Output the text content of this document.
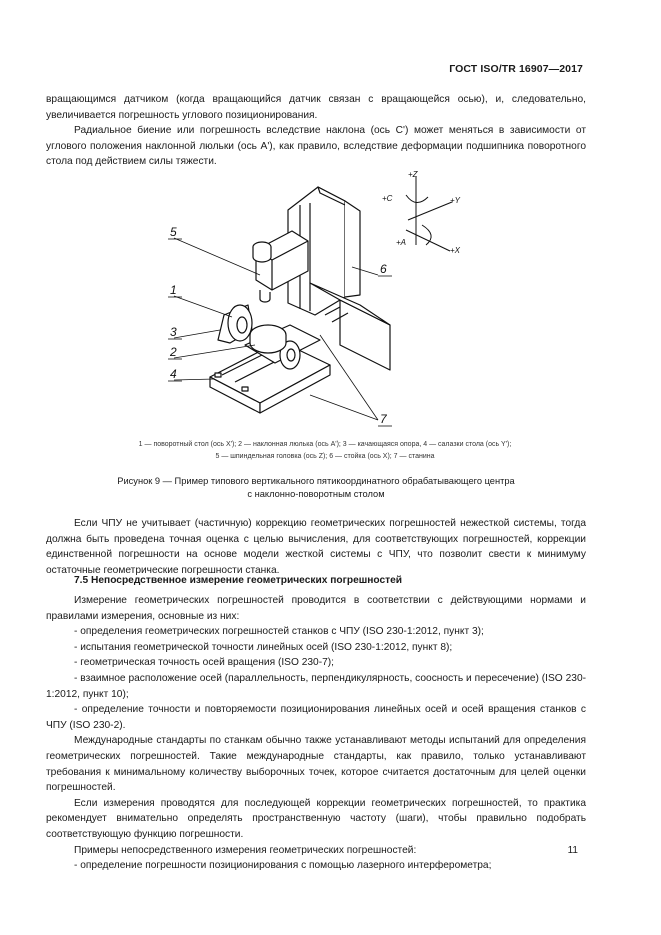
ГОСТ ISO/TR 16907—2017

вращающимся датчиком (когда вращающийся датчик связан с вращающейся осью), и, следовательно, увеличивается погрешность углового позиционирования.

Радиальное биение или погрешность вследствие наклона (ось C') может меняться в зависимости от углового положения наклонной люльки (ось A'), как правило, вследствие деформации подшипника поворотного стола под действием силы тяжести.

+Z
+C	+Y
+A
+X
5
1
3
2
4
6
7
1 — поворотный стол (ось X'); 2 — наклонная люлька (ось A'); 3 — качающаяся опора, 4 — салазки стола (ось Y');
5 — шпиндельная головка (ось Z); 6 — стойка (ось X); 7 — станина
Рисунок 9 — Пример типового вертикального пятикоординатного обрабатывающего центра
с наклонно-поворотным столом

Если ЧПУ не учитывает (частичную) коррекцию геометрических погрешностей нежесткой системы, тогда должна быть проведена точная оценка с целью вычисления, для соответствующих погрешностей, коррекции единственной погрешности на основе модели жесткой системы с ЧПУ, что позволит свести к минимуму остаточные геометрические погрешности станка.

7.5 Непосредственное измерение геометрических погрешностей

Измерение геометрических погрешностей проводится в соответствии с действующими нормами и правилами измерения, основные из них:

- определения геометрических погрешностей станков с ЧПУ (ISO 230-1:2012, пункт 3);

- испытания геометрической точности линейных осей (ISO 230-1:2012, пункт 8);

- геометрическая точность осей вращения (ISO 230-7);

- взаимное расположение осей (параллельность, перпендикулярность, соосность и пересечение) (ISO 230-1:2012, пункт 10);

- определение точности и повторяемости позиционирования линейных осей и осей вращения станков с ЧПУ (ISO 230-2).

Международные стандарты по станкам обычно также устанавливают методы испытаний для определения геометрических погрешностей. Такие международные стандарты, как правило, только устанавливают требования к минимальному количеству выборочных точек, которое считается достаточным для целей оценки погрешностей.

Если измерения проводятся для последующей коррекции геометрических погрешностей, то практика рекомендует внимательно определять пространственную частоту (шаги), чтобы правильно подобрать соответствующую функцию погрешности.

Примеры непосредственного измерения геометрических погрешностей:

- определение погрешности позиционирования с помощью лазерного интерферометра;

11
